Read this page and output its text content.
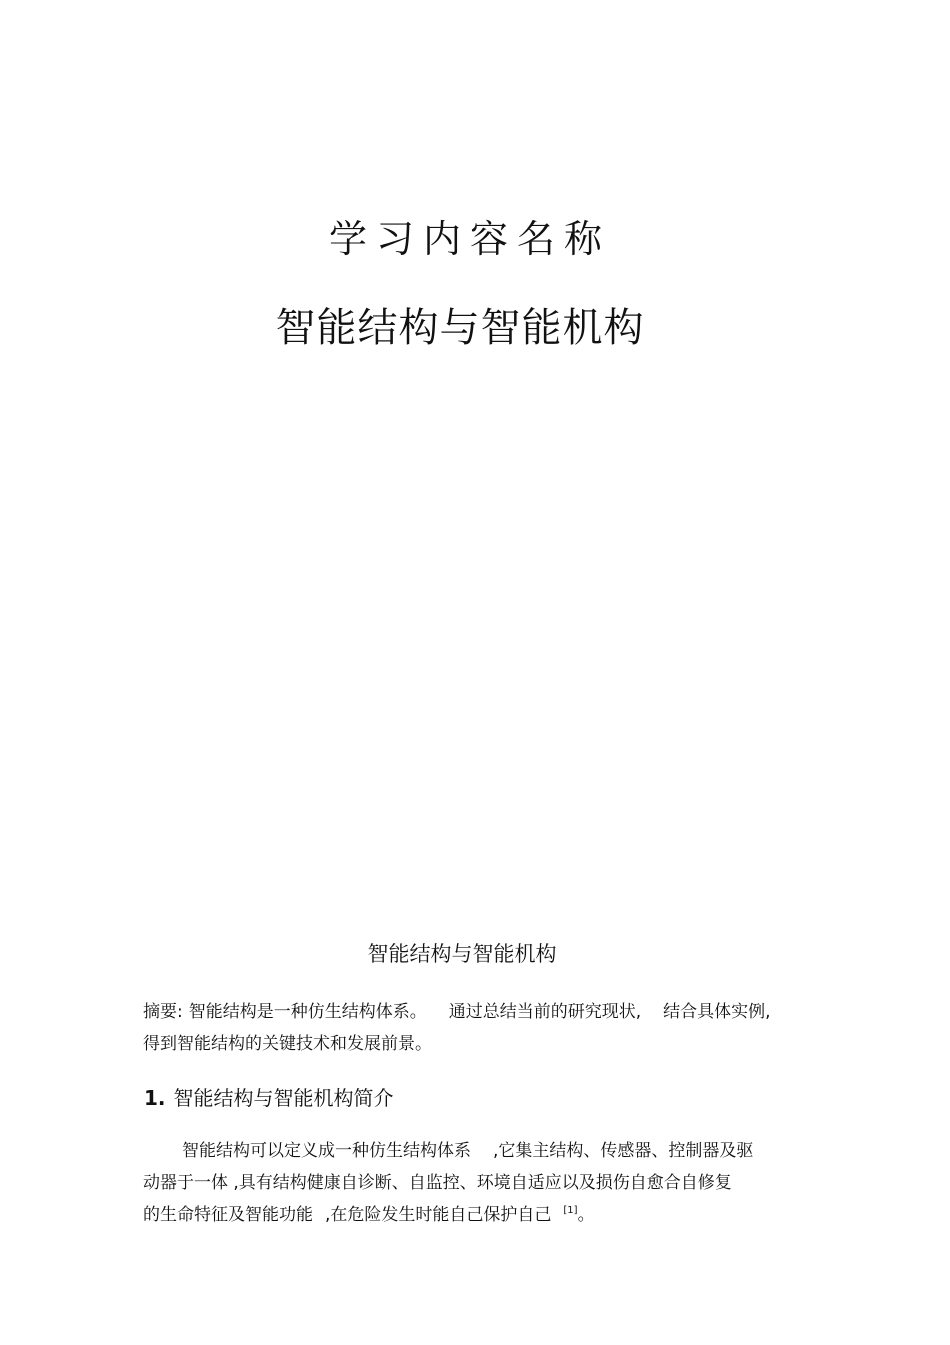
学习内容名称
智能结构与智能机构
智能结构与智能机构
摘要: 智能结构是一种仿生结构体系。 通过总结当前的研究现状, 结合具体实例,
得到智能结构的关键技术和发展前景。
1. 智能结构与智能机构简介
智能结构可以定义成一种仿生结构体系 ,它集主结构、传感器、控制器及驱
动器于一体 ,具有结构健康自诊断、自监控、环境自适应以及损伤自愈合自修复
的生命特征及智能功能 ,在危险发生时能自己保护自己 [1]。
